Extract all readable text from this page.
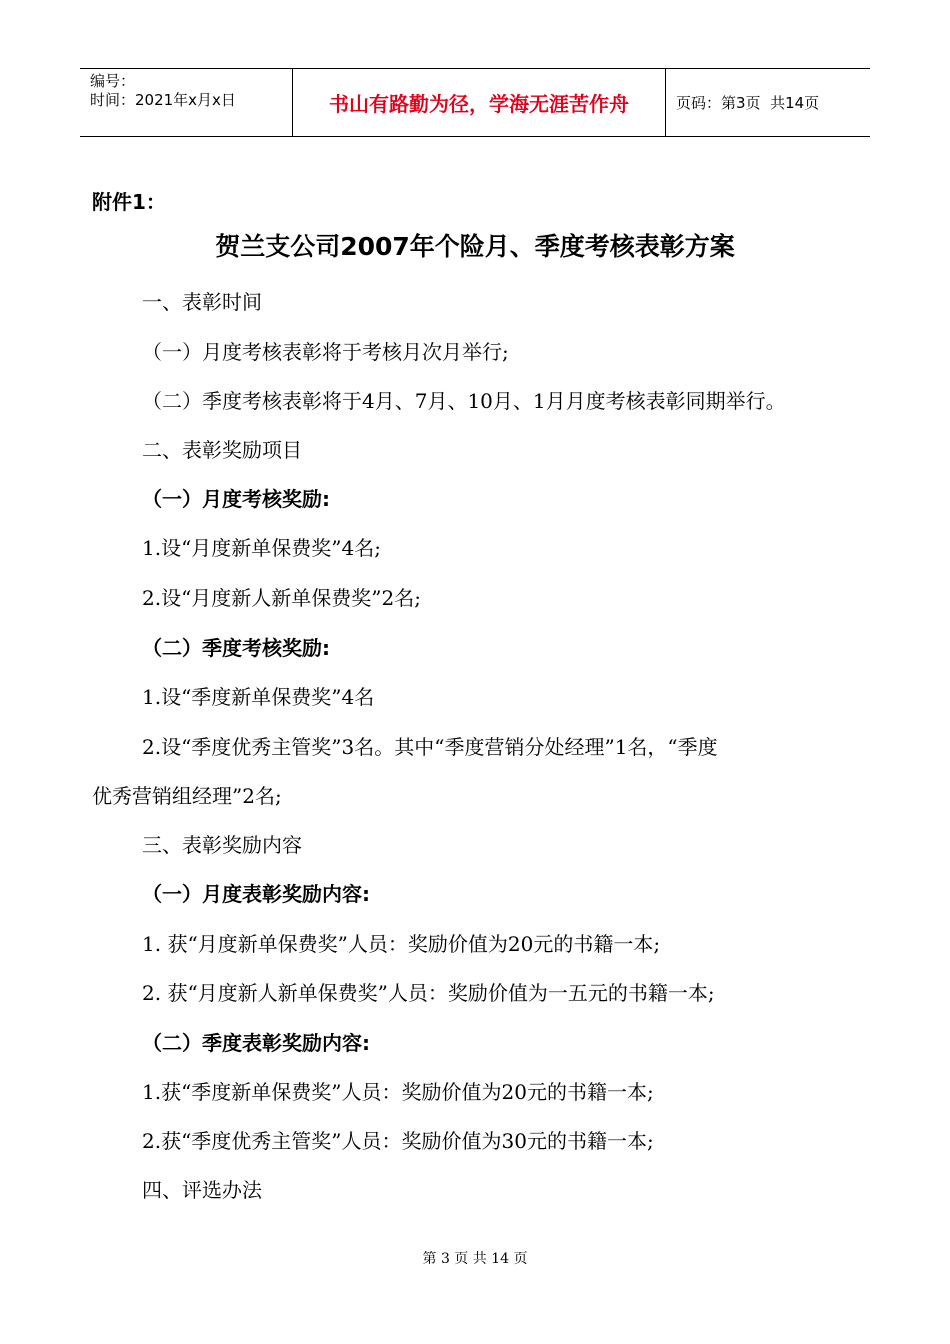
编号：
时间：2021年x月x日	书山有路勤为径，学海无涯苦作舟	页码：第3页  共14页
附件1：
贺兰支公司2007年个险月、季度考核表彰方案
一、表彰时间
（一）月度考核表彰将于考核月次月举行;
（二）季度考核表彰将于4月、7月、10月、1月月度考核表彰同期举行。
二、表彰奖励项目
（一）月度考核奖励:
1.设“月度新单保费奖”4名;
2.设“月度新人新单保费奖”2名;
（二）季度考核奖励:
1.设“季度新单保费奖”4名
2.设“季度优秀主管奖”3名。其中“季度营销分处经理”1名，“季度
优秀营销组经理”2名;
三、表彰奖励内容
（一）月度表彰奖励内容:
1. 获“月度新单保费奖”人员：奖励价值为20元的书籍一本;
2. 获“月度新人新单保费奖”人员：奖励价值为一五元的书籍一本;
（二）季度表彰奖励内容:
1.获“季度新单保费奖”人员：奖励价值为20元的书籍一本;
2.获“季度优秀主管奖”人员：奖励价值为30元的书籍一本;
四、评选办法
第 3 页 共 14 页
